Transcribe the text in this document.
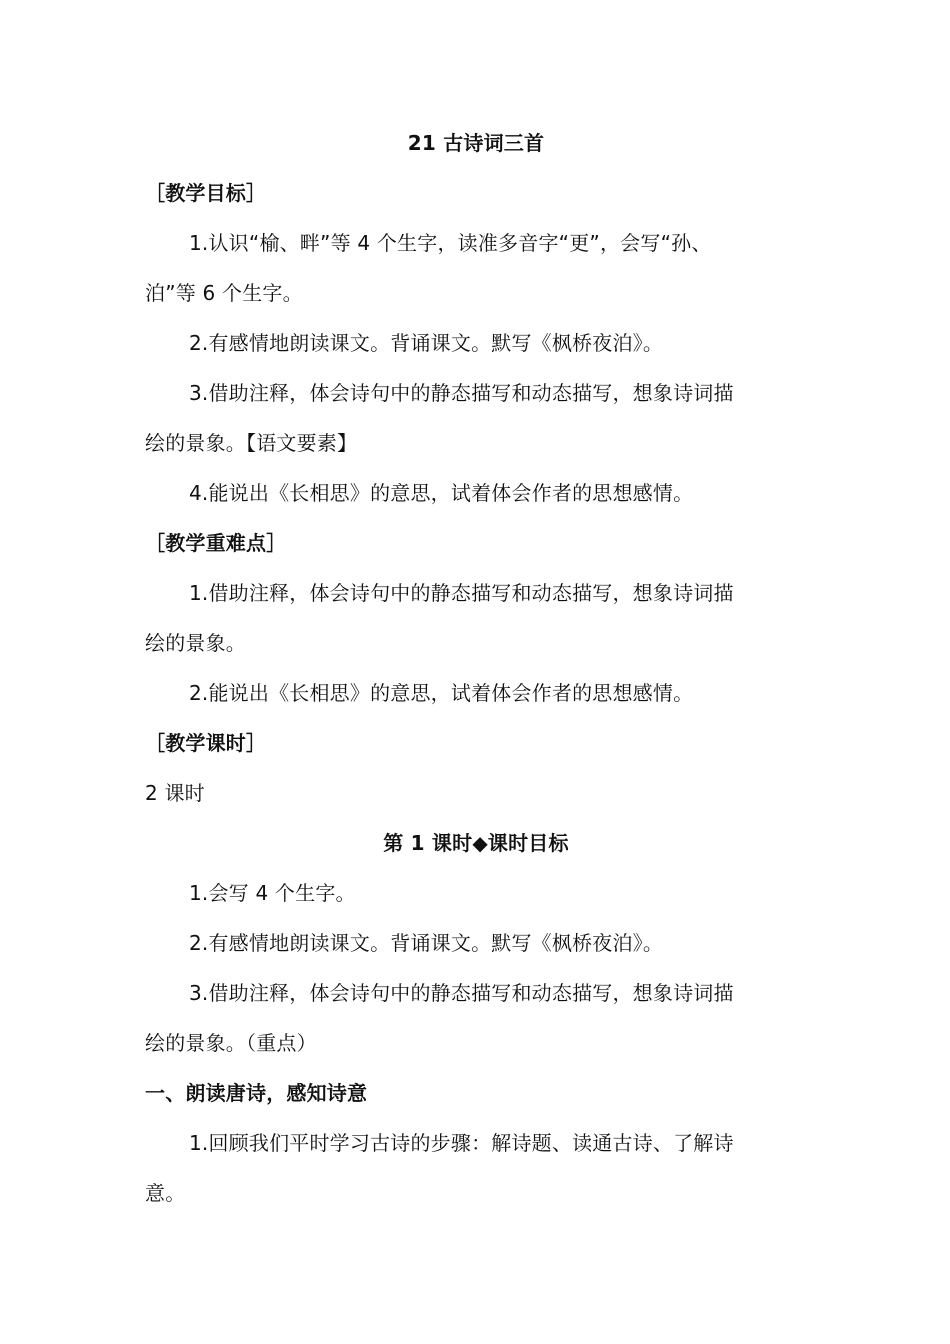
21 古诗词三首
［教学目标］
1.认识“榆、畔”等 4 个生字，读准多音字“更”，会写“孙、
泊”等 6 个生字。
2.有感情地朗读课文。背诵课文。默写《枫桥夜泊》。
3.借助注释，体会诗句中的静态描写和动态描写，想象诗词描
绘的景象。【语文要素】
4.能说出《长相思》的意思，试着体会作者的思想感情。
［教学重难点］
1.借助注释，体会诗句中的静态描写和动态描写，想象诗词描
绘的景象。
2.能说出《长相思》的意思，试着体会作者的思想感情。
［教学课时］
2 课时
第 1 课时◆课时目标
1.会写 4 个生字。
2.有感情地朗读课文。背诵课文。默写《枫桥夜泊》。
3.借助注释，体会诗句中的静态描写和动态描写，想象诗词描
绘的景象。（重点）
一、朗读唐诗，感知诗意
1.回顾我们平时学习古诗的步骤：解诗题、读通古诗、了解诗
意。
